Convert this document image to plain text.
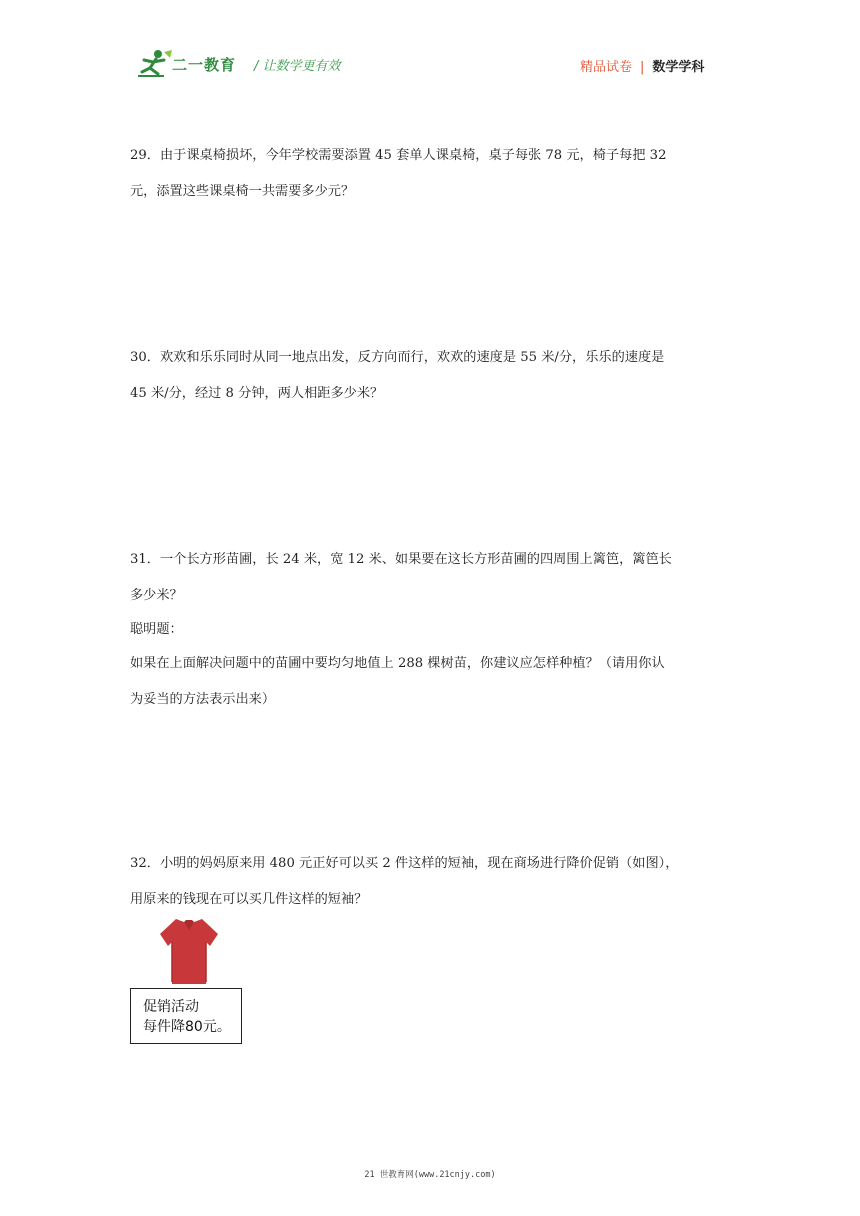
二一教育 / 让数学更有效	精品试卷 | 数学学科

29．由于课桌椅损坏，今年学校需要添置 45 套单人课桌椅，桌子每张 78 元，椅子每把 32

元，添置这些课桌椅一共需要多少元？

30．欢欢和乐乐同时从同一地点出发，反方向而行，欢欢的速度是 55 米/分，乐乐的速度是

45 米/分，经过 8 分钟，两人相距多少米？

31．一个长方形苗圃，长 24 米，宽 12 米、如果要在这长方形苗圃的四周围上篱笆，篱笆长

多少米？

聪明题：

如果在上面解决问题中的苗圃中要均匀地值上 288 棵树苗，你建议应怎样种植？（请用你认

为妥当的方法表示出来）

32．小明的妈妈原来用 480 元正好可以买 2 件这样的短袖，现在商场进行降价促销（如图），

用原来的钱现在可以买几件这样的短袖？

促销活动
每件降80元。
21 世教育网(www.21cnjy.com)
